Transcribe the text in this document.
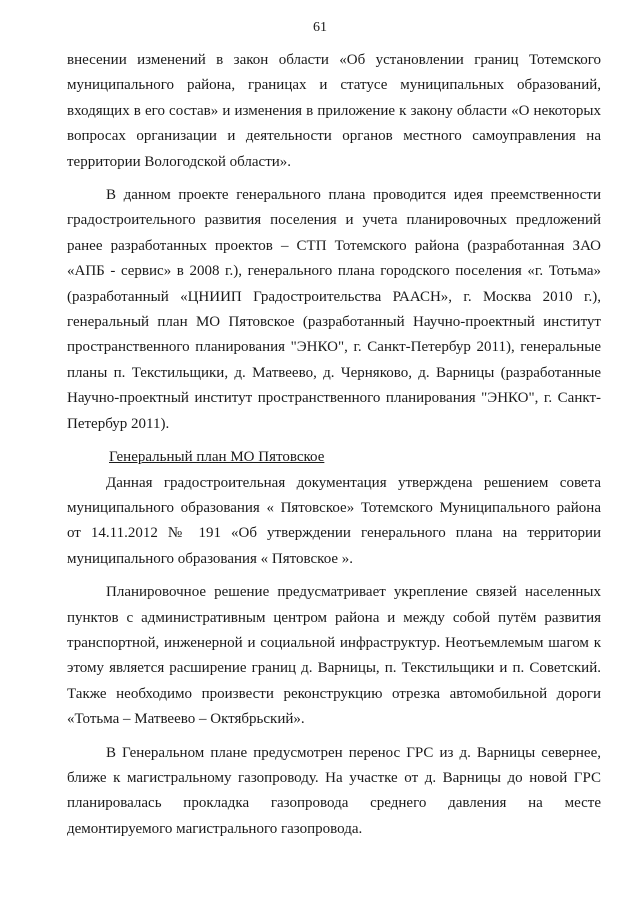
61

внесении изменений в закон области «Об установлении границ Тотемского муниципального района, границах и статусе муниципальных образований, входящих в его состав» и изменения в приложение к закону области «О некоторых вопросах организации и деятельности органов местного самоуправления на территории Вологодской области».

В данном проекте генерального плана проводится идея преемственности градостроительного развития поселения и учета планировочных предложений ранее разработанных проектов – СТП Тотемского района (разработанная ЗАО «АПБ - сервис» в 2008 г.), генерального плана городского поселения «г. Тотьма» (разработанный «ЦНИИП Градостроительства РААСН», г. Москва 2010 г.), генеральный план МО Пятовское (разработанный Научно-проектный институт пространственного планирования "ЭНКО", г. Санкт-Петербур 2011), генеральные планы п. Текстильщики, д. Матвеево, д. Черняково, д. Варницы (разработанные Научно-проектный институт пространственного планирования "ЭНКО", г. Санкт-Петербур 2011).

Генеральный план МО Пятовское

Данная градостроительная документация утверждена решением совета муниципального образования « Пятовское» Тотемского Муниципального района от 14.11.2012 № 191 «Об утверждении генерального плана на территории муниципального образования « Пятовское ».

Планировочное решение предусматривает укрепление связей населенных пунктов с административным центром района и между собой путём развития транспортной, инженерной и социальной инфраструктур. Неотъемлемым шагом к этому является расширение границ д. Варницы, п. Текстильщики и п. Советский. Также необходимо произвести реконструкцию отрезка автомобильной дороги «Тотьма – Матвеево – Октябрьский».

В Генеральном плане предусмотрен перенос ГРС из д. Варницы севернее, ближе к магистральному газопроводу. На участке от д. Варницы до новой ГРС планировалась прокладка газопровода среднего давления на месте демонтируемого магистрального газопровода.
